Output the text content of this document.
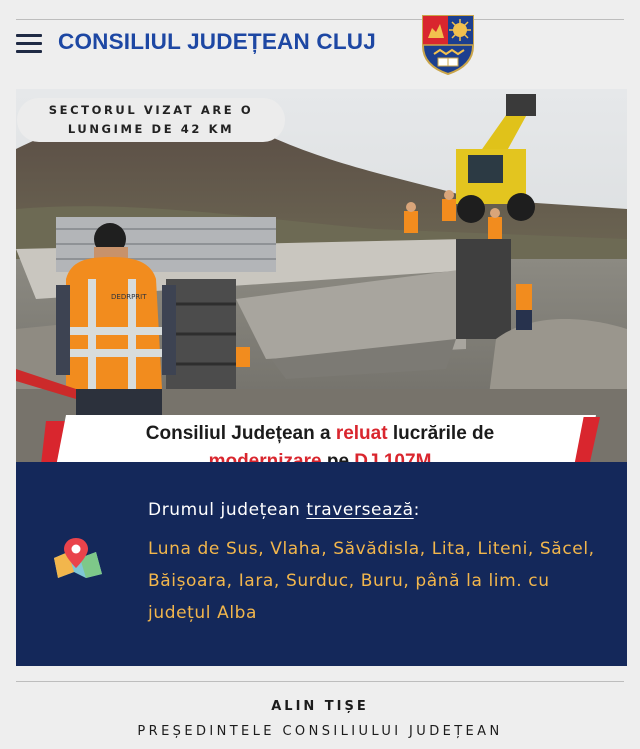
CONSILIUL JUDEȚEAN CLUJ
DEDRPRIT
SECTORUL VIZAT ARE O LUNGIME DE 42 KM
Consiliul Județean a reluat lucrările de

Drumul județean traversează:
Luna de Sus, Vlaha, Săvădisla, Lita, Liteni, Săcel, Băișoara, Iara, Surduc, Buru, până la lim. cu județul Alba
ALIN TIȘE
PREȘEDINTELE CONSILIULUI JUDEȚEAN
